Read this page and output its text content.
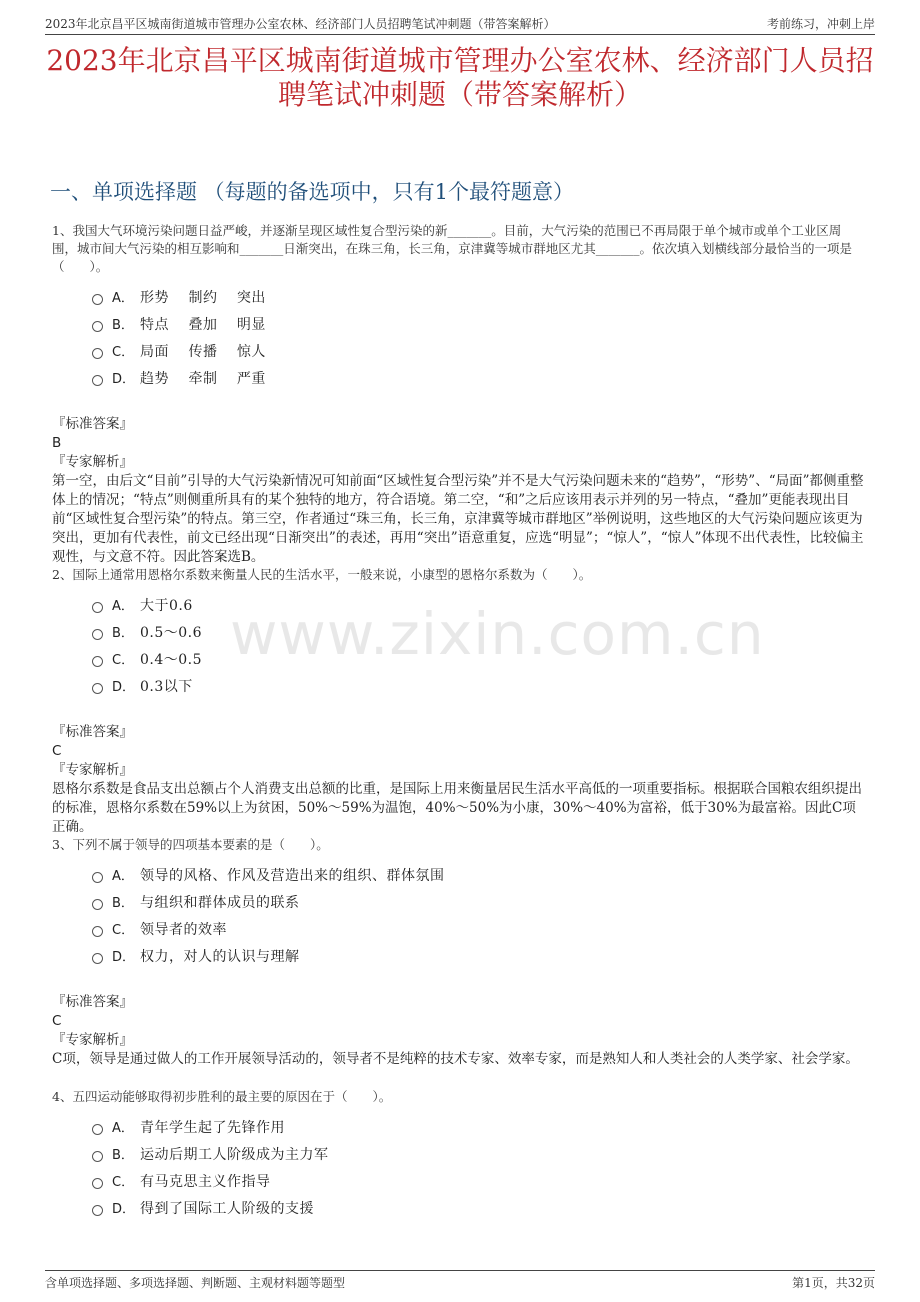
2023年北京昌平区城南街道城市管理办公室农林、经济部门人员招聘笔试冲刺题（带答案解析）	考前练习，冲刺上岸
2023年北京昌平区城南街道城市管理办公室农林、经济部门人员招聘笔试冲刺题（带答案解析）
一、单项选择题 （每题的备选项中，只有1个最符题意）
www.zixin.com.cn

1、我国大气环境污染问题日益严峻，并逐渐呈现区域性复合型污染的新_______。目前，大气污染的范围已不再局限于单个城市或单个工业区周围，城市间大气污染的相互影响和_______日渐突出，在珠三角，长三角，京津冀等城市群地区尤其_______。依次填入划横线部分最恰当的一项是（　　）。

A． 形势　 制约　 突出
B． 特点　 叠加　 明显
C． 局面　 传播　 惊人
D． 趋势　 牵制　 严重
『标准答案』
B
『专家解析』
第一空，由后文“目前”引导的大气污染新情况可知前面“区域性复合型污染”并不是大气污染问题未来的“趋势”，“形势”、“局面”都侧重整体上的情况；“特点”则侧重所具有的某个独特的地方，符合语境。第二空，“和”之后应该用表示并列的另一特点，“叠加”更能表现出目前“区域性复合型污染”的特点。第三空，作者通过“珠三角，长三角，京津冀等城市群地区”举例说明，这些地区的大气污染问题应该更为突出，更加有代表性，前文已经出现“日渐突出”的表述，再用“突出”语意重复，应选“明显”；“惊人”，“惊人”体现不出代表性，比较偏主观性，与文意不符。因此答案选B。

2、国际上通常用恩格尔系数来衡量人民的生活水平，一般来说，小康型的恩格尔系数为（　　）。

A． 大于0.6
B． 0.5～0.6
C． 0.4～0.5
D． 0.3以下
『标准答案』
C
『专家解析』
恩格尔系数是食品支出总额占个人消费支出总额的比重，是国际上用来衡量居民生活水平高低的一项重要指标。根据联合国粮农组织提出的标准，恩格尔系数在59%以上为贫困，50%～59%为温饱，40%～50%为小康，30%～40%为富裕，低于30%为最富裕。因此C项正确。

3、下列不属于领导的四项基本要素的是（　　）。

A． 领导的风格、作风及营造出来的组织、群体氛围
B． 与组织和群体成员的联系
C． 领导者的效率
D． 权力，对人的认识与理解
『标准答案』
C
『专家解析』
C项，领导是通过做人的工作开展领导活动的，领导者不是纯粹的技术专家、效率专家，而是熟知人和人类社会的人类学家、社会学家。

4、五四运动能够取得初步胜利的最主要的原因在于（　　）。

A． 青年学生起了先锋作用
B． 运动后期工人阶级成为主力军
C． 有马克思主义作指导
D． 得到了国际工人阶级的支援
含单项选择题、多项选择题、判断题、主观材料题等题型	第1页，共32页
